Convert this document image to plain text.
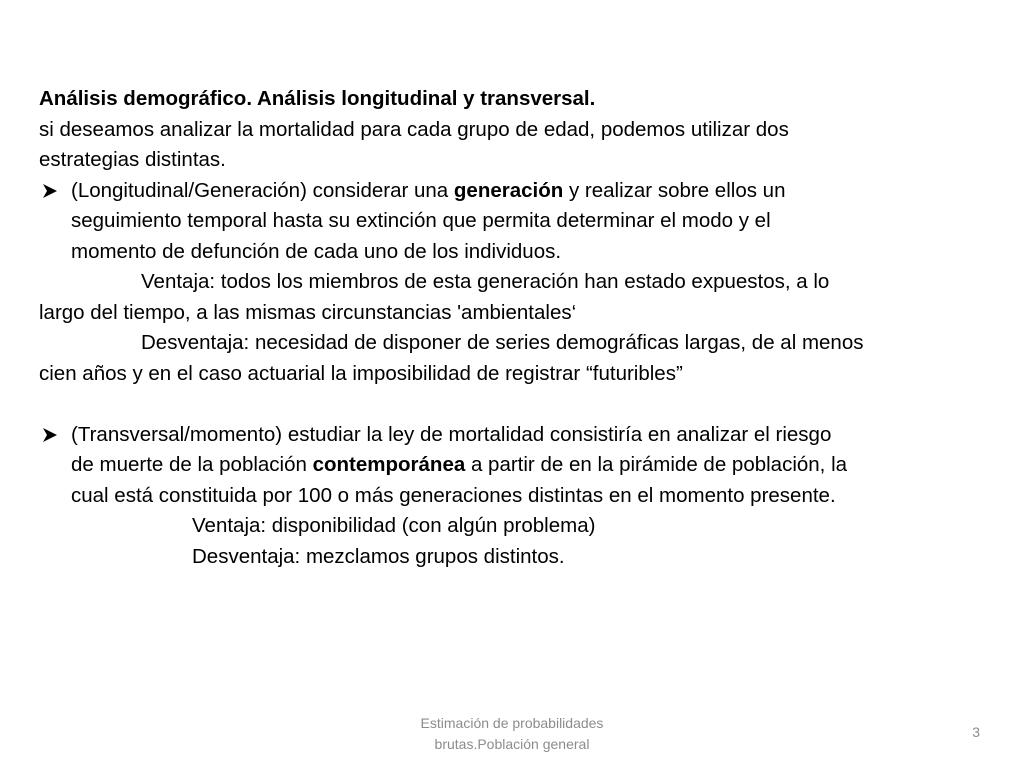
Análisis demográfico. Análisis longitudinal y transversal.
si deseamos analizar la mortalidad para cada grupo de edad, podemos utilizar dos
estrategias distintas.
(Longitudinal/Generación) considerar una generación y realizar sobre ellos un
seguimiento temporal hasta su extinción que permita determinar el modo y el
momento de defunción de cada uno de los individuos.
Ventaja: todos los miembros de esta generación han estado expuestos, a lo
largo del tiempo, a las mismas circunstancias 'ambientales‘
Desventaja: necesidad de disponer de series demográficas largas, de al menos
cien años y en el caso actuarial la imposibilidad de registrar “futuribles”
(Transversal/momento) estudiar la ley de mortalidad consistiría en analizar el riesgo
de muerte de la población contemporánea a partir de en la pirámide de población, la
cual está constituida por 100 o más generaciones distintas en el momento presente.
Ventaja: disponibilidad (con algún problema)
Desventaja: mezclamos grupos distintos.
Estimación de probabilidades
brutas.Población general
3
